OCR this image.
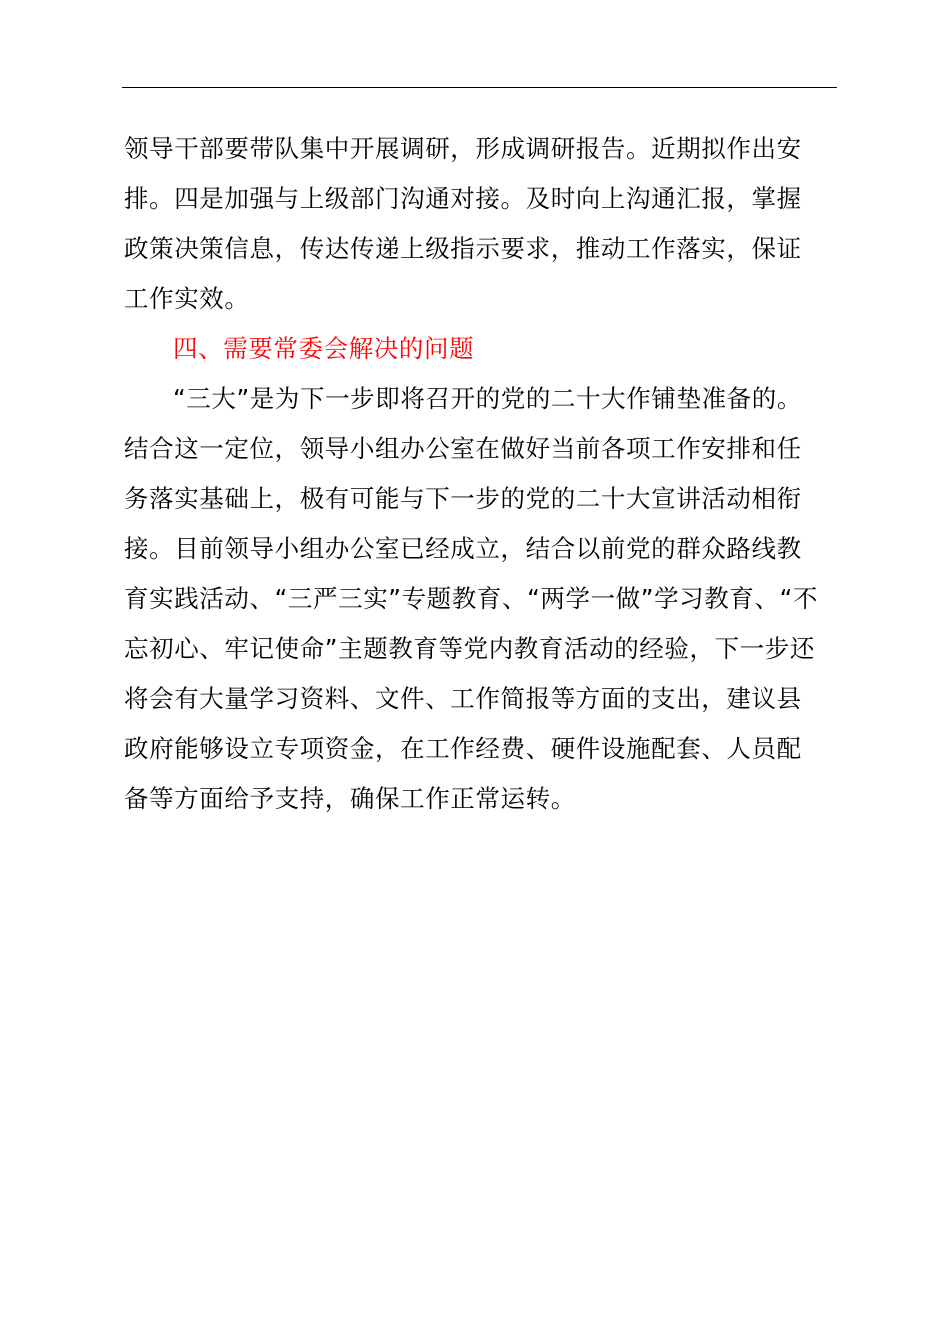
领导干部要带队集中开展调研，形成调研报告。近期拟作出安
排。四是加强与上级部门沟通对接。及时向上沟通汇报，掌握
政策决策信息，传达传递上级指示要求，推动工作落实，保证
工作实效。
四、需要常委会解决的问题
“三大”是为下一步即将召开的党的二十大作铺垫准备的。
结合这一定位，领导小组办公室在做好当前各项工作安排和任
务落实基础上，极有可能与下一步的党的二十大宣讲活动相衔
接。目前领导小组办公室已经成立，结合以前党的群众路线教
育实践活动、“三严三实”专题教育、“两学一做”学习教育、“不
忘初心、牢记使命”主题教育等党内教育活动的经验，下一步还
将会有大量学习资料、文件、工作简报等方面的支出，建议县
政府能够设立专项资金，在工作经费、硬件设施配套、人员配
备等方面给予支持，确保工作正常运转。
